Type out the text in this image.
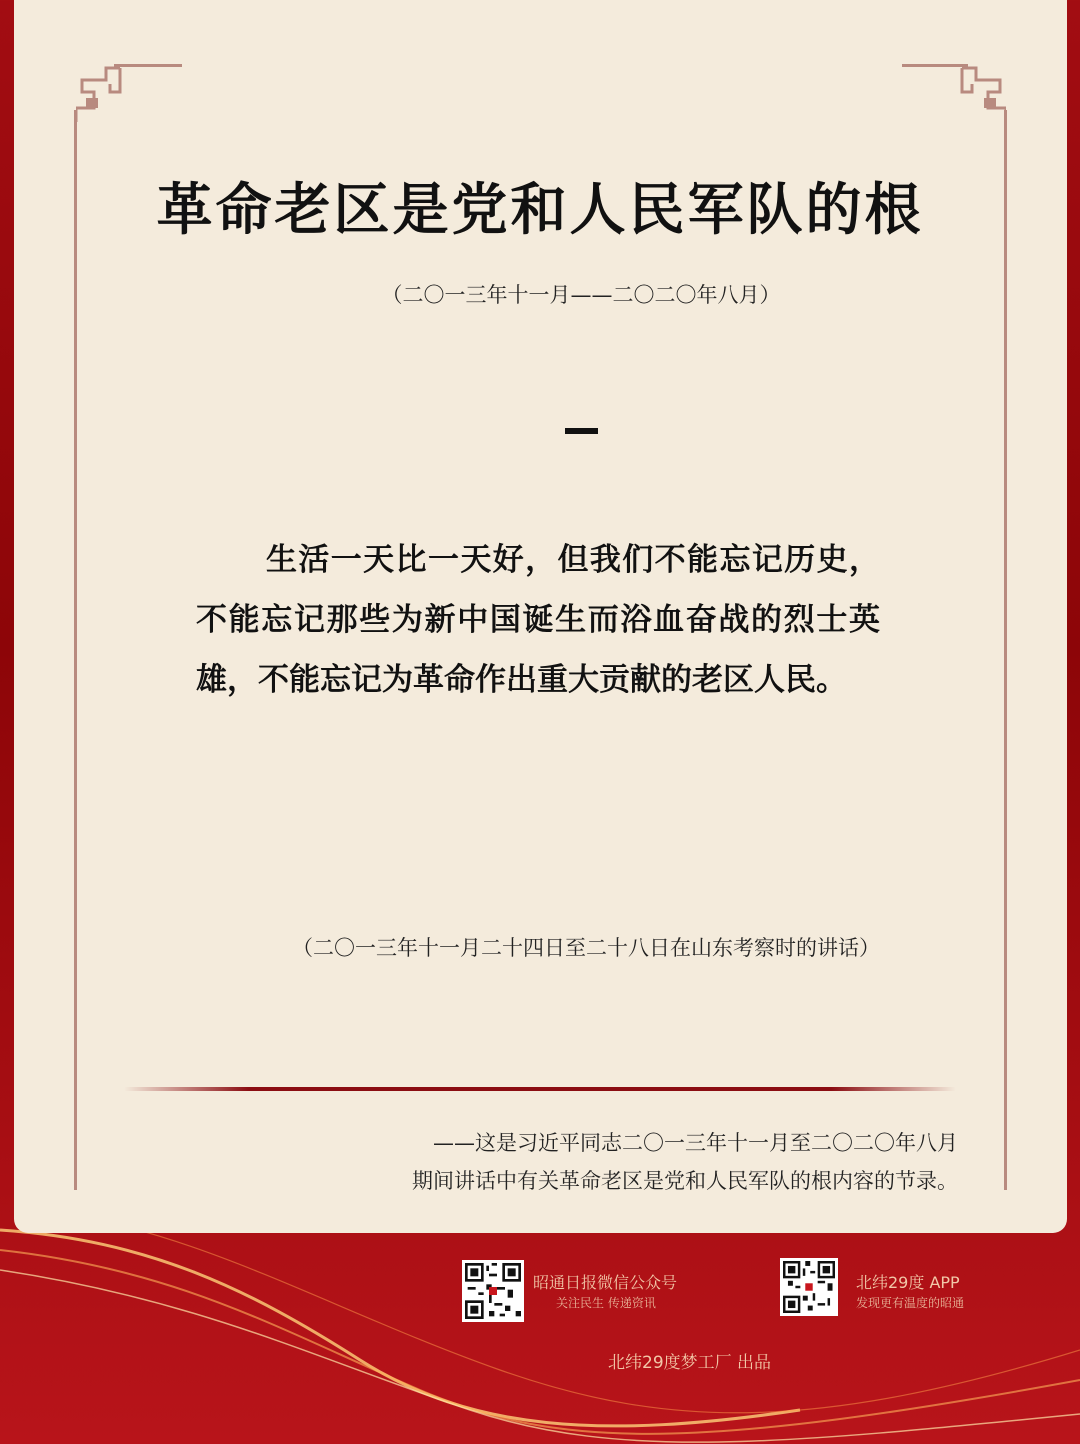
革命老区是党和人民军队的根
（二〇一三年十一月——二〇二〇年八月）
生活一天比一天好，但我们不能忘记历史，不能忘记那些为新中国诞生而浴血奋战的烈士英雄，不能忘记为革命作出重大贡献的老区人民。
（二〇一三年十一月二十四日至二十八日在山东考察时的讲话）
——这是习近平同志二〇一三年十一月至二〇二〇年八月
期间讲话中有关革命老区是党和人民军队的根内容的节录。
昭通日报微信公众号
关注民生 传递资讯
北纬29度 APP
发现更有温度的昭通
北纬29度梦工厂 出品
